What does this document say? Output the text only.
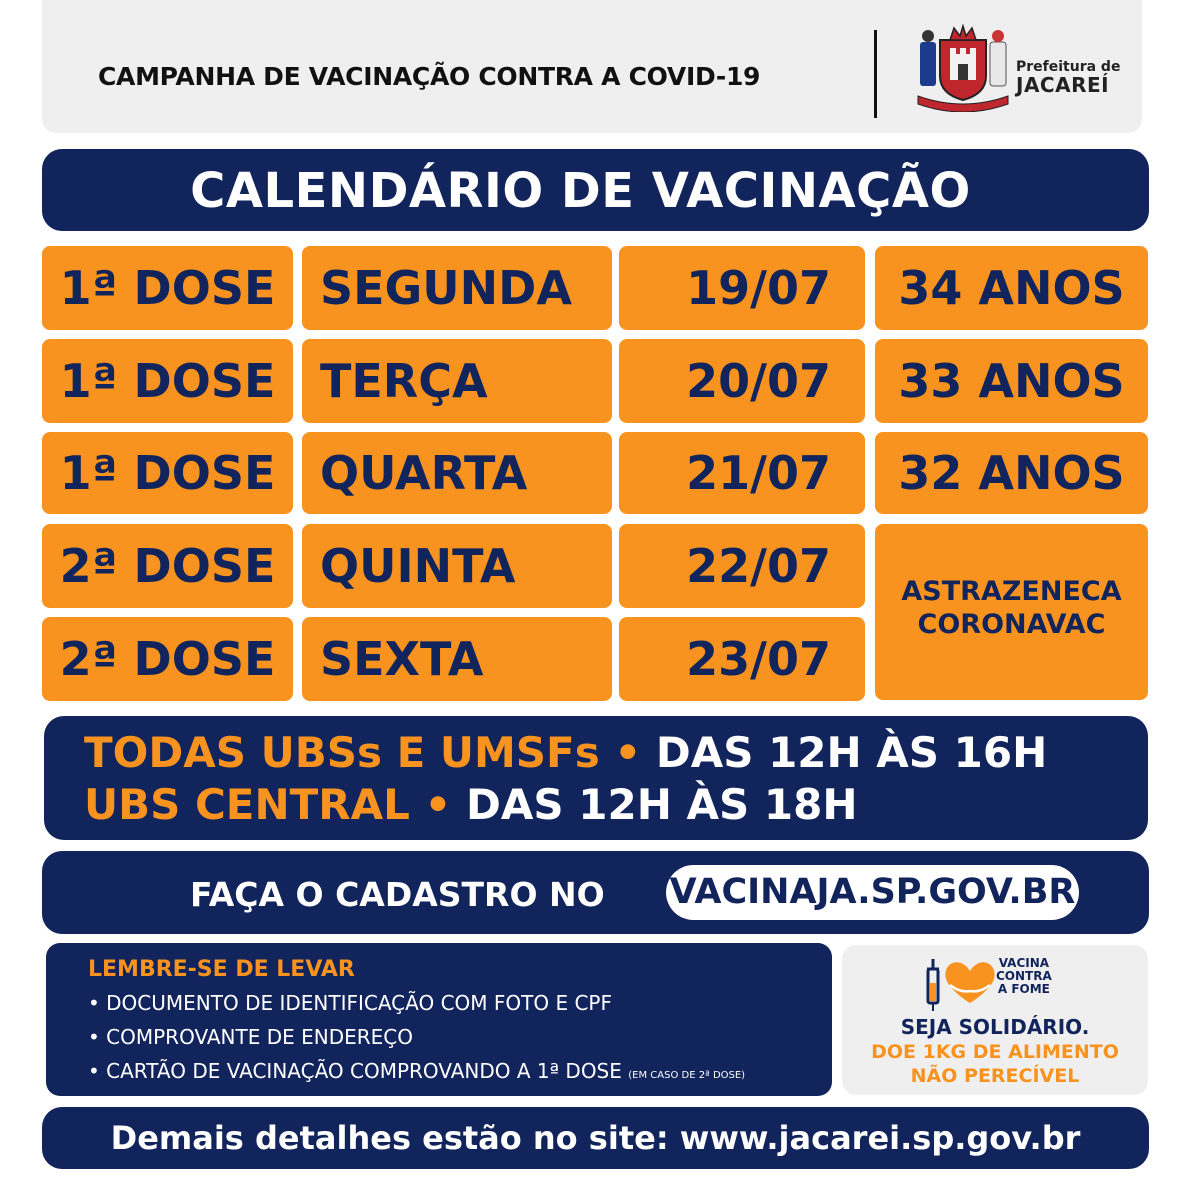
CAMPANHA DE VACINAÇÃO CONTRA A COVID-19	Prefeitura de
JACAREÍ
CALENDÁRIO DE VACINAÇÃO
1ª DOSE SEGUNDA 19/07	34 ANOS
1ª DOSE TERÇA	20/07	33 ANOS
1ª DOSE QUARTA	21/07	32 ANOS
2ª DOSE QUINTA	22/07
2ª DOSE SEXTA	23/07
ASTRAZENECA
CORONAVAC
TODAS UBSs E UMSFs • DAS 12H ÀS 16H
UBS CENTRAL • DAS 12H ÀS 18H
FAÇA O CADASTRO NO VACINAJA.SP.GOV.BR
LEMBRE-SE DE LEVAR
• DOCUMENTO DE IDENTIFICAÇÃO COM FOTO E CPF
• COMPROVANTE DE ENDEREÇO
• CARTÃO DE VACINAÇÃO COMPROVANDO A 1ª DOSE (EM CASO DE 2ª DOSE)
SEJA SOLIDÁRIO.
DOE 1KG DE ALIMENTO
NÃO PERECÍVEL
VACINA
CONTRA
A FOME
Demais detalhes estão no site: www.jacarei.sp.gov.br
